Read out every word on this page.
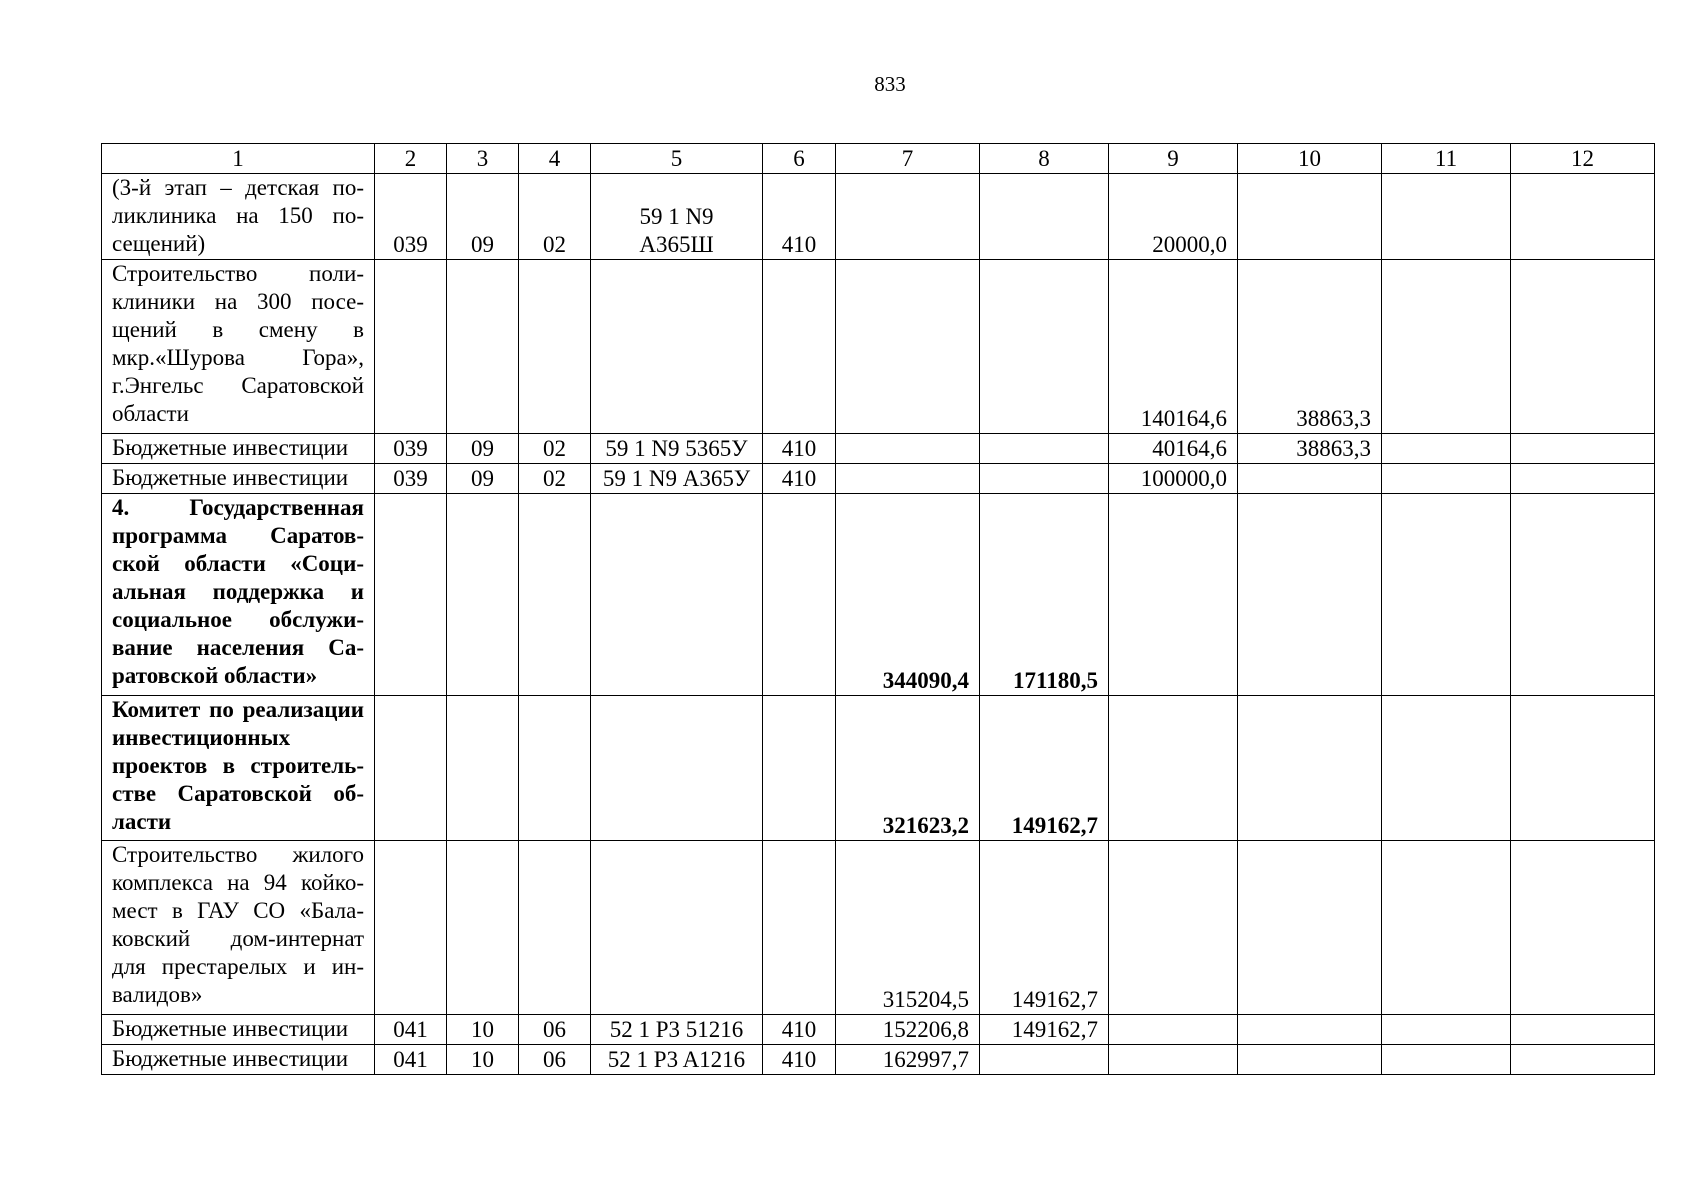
833
1	2	3	4	5	6	7	8	9	10	11	12
(3-й этап – детская поликлиника на 150 посещений)	039	09	02	59 1 N9 А365Ш	410			20000,0			
Строительство поликлиники на 300 посещений в смену в мкр.«Шурова Гора», г.Энгельс Саратовской области								140164,6	38863,3		
Бюджетные инвестиции	039	09	02	59 1 N9 5365У	410			40164,6	38863,3		
Бюджетные инвестиции	039	09	02	59 1 N9 А365У	410			100000,0			
4. Государственная программа Саратовской области «Социальная поддержка и социальное обслуживание населения Саратовской области»						344090,4	171180,5				
Комитет по реализации инвестиционных проектов в строительстве Саратовской области						321623,2	149162,7				
Строительство жилого комплекса на 94 койкомест в ГАУ СО «Балаковский дом-интернат для престарелых и инвалидов»						315204,5	149162,7				
Бюджетные инвестиции	041	10	06	52 1 P3 51216	410	152206,8	149162,7				
Бюджетные инвестиции	041	10	06	52 1 P3 A1216	410	162997,7					
